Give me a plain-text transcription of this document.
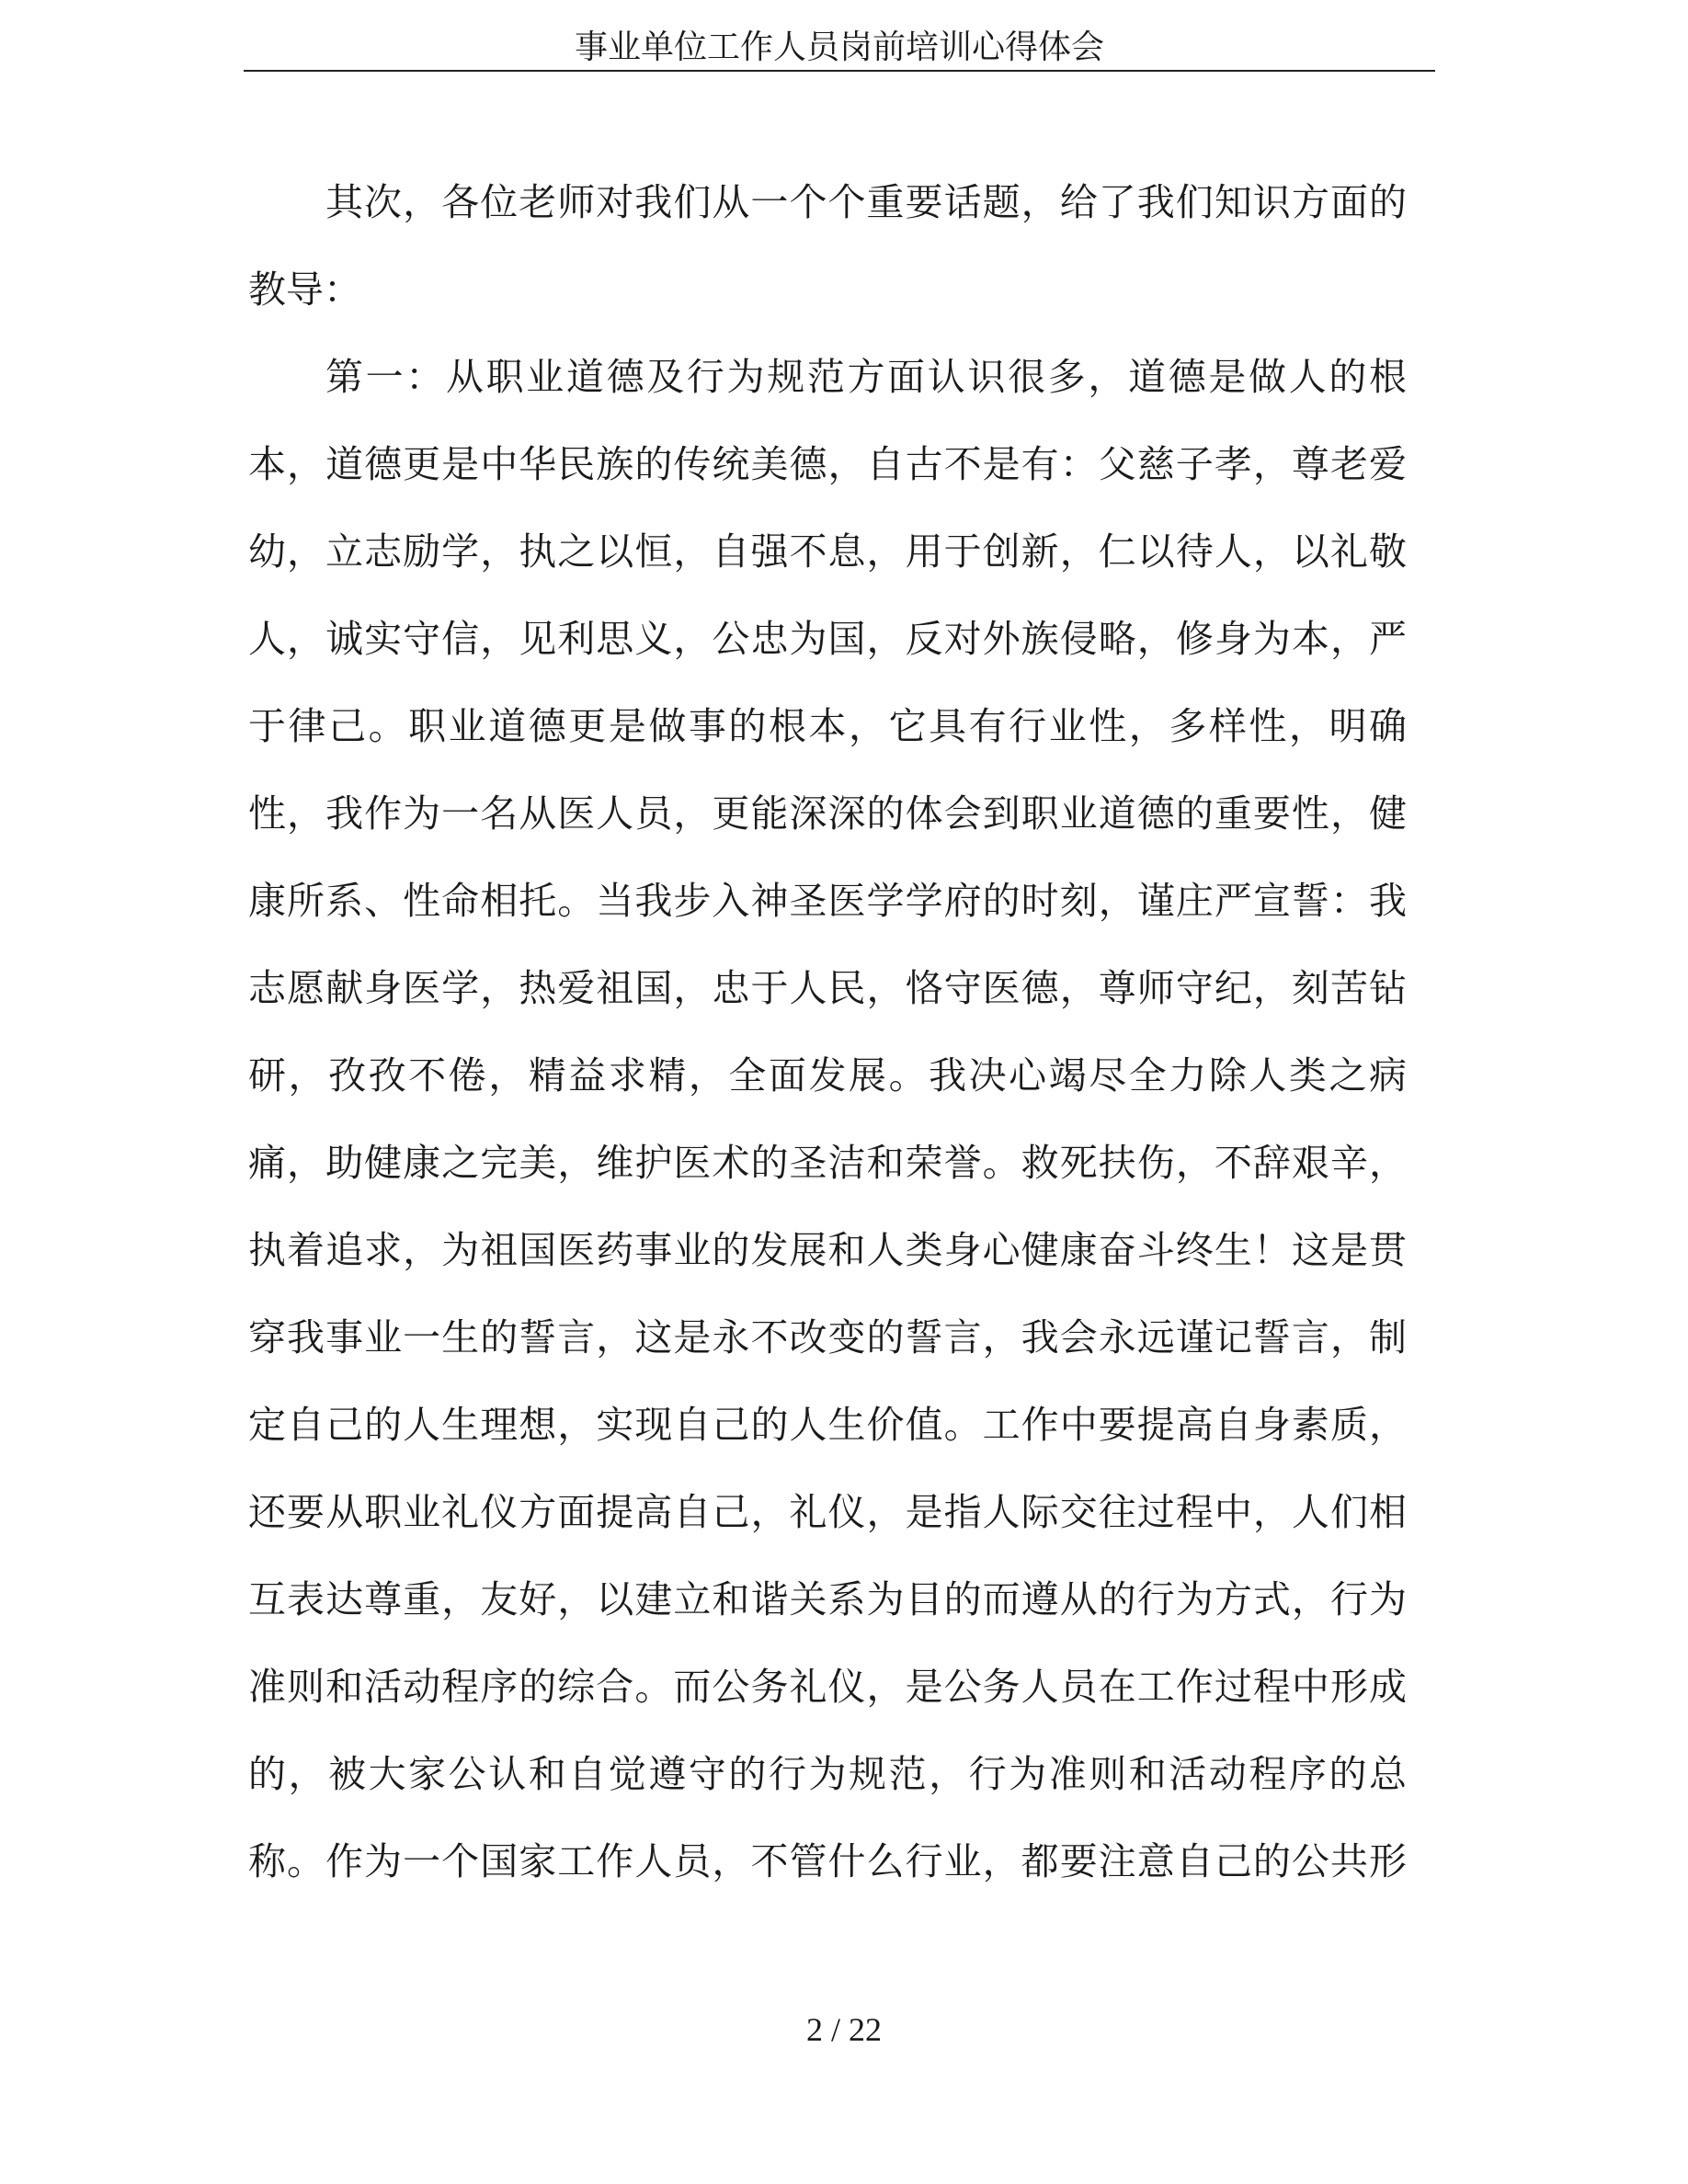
事业单位工作人员岗前培训心得体会
其次，各位老师对我们从一个个重要话题，给了我们知识方面的
教导：
第一：从职业道德及行为规范方面认识很多，道德是做人的根
本，道德更是中华民族的传统美德，自古不是有：父慈子孝，尊老爱
幼，立志励学，执之以恒，自强不息，用于创新，仁以待人，以礼敬
人，诚实守信，见利思义，公忠为国，反对外族侵略，修身为本，严
于律己。职业道德更是做事的根本，它具有行业性，多样性，明确
性，我作为一名从医人员，更能深深的体会到职业道德的重要性，健
康所系、性命相托。当我步入神圣医学学府的时刻，谨庄严宣誓：我
志愿献身医学，热爱祖国，忠于人民，恪守医德，尊师守纪，刻苦钻
研，孜孜不倦，精益求精，全面发展。我决心竭尽全力除人类之病
痛，助健康之完美，维护医术的圣洁和荣誉。救死扶伤，不辞艰辛，
执着追求，为祖国医药事业的发展和人类身心健康奋斗终生！这是贯
穿我事业一生的誓言，这是永不改变的誓言，我会永远谨记誓言，制
定自己的人生理想，实现自己的人生价值。工作中要提高自身素质，
还要从职业礼仪方面提高自己，礼仪，是指人际交往过程中，人们相
互表达尊重，友好，以建立和谐关系为目的而遵从的行为方式，行为
准则和活动程序的综合。而公务礼仪，是公务人员在工作过程中形成
的，被大家公认和自觉遵守的行为规范，行为准则和活动程序的总
称。作为一个国家工作人员，不管什么行业，都要注意自己的公共形
2 / 22
